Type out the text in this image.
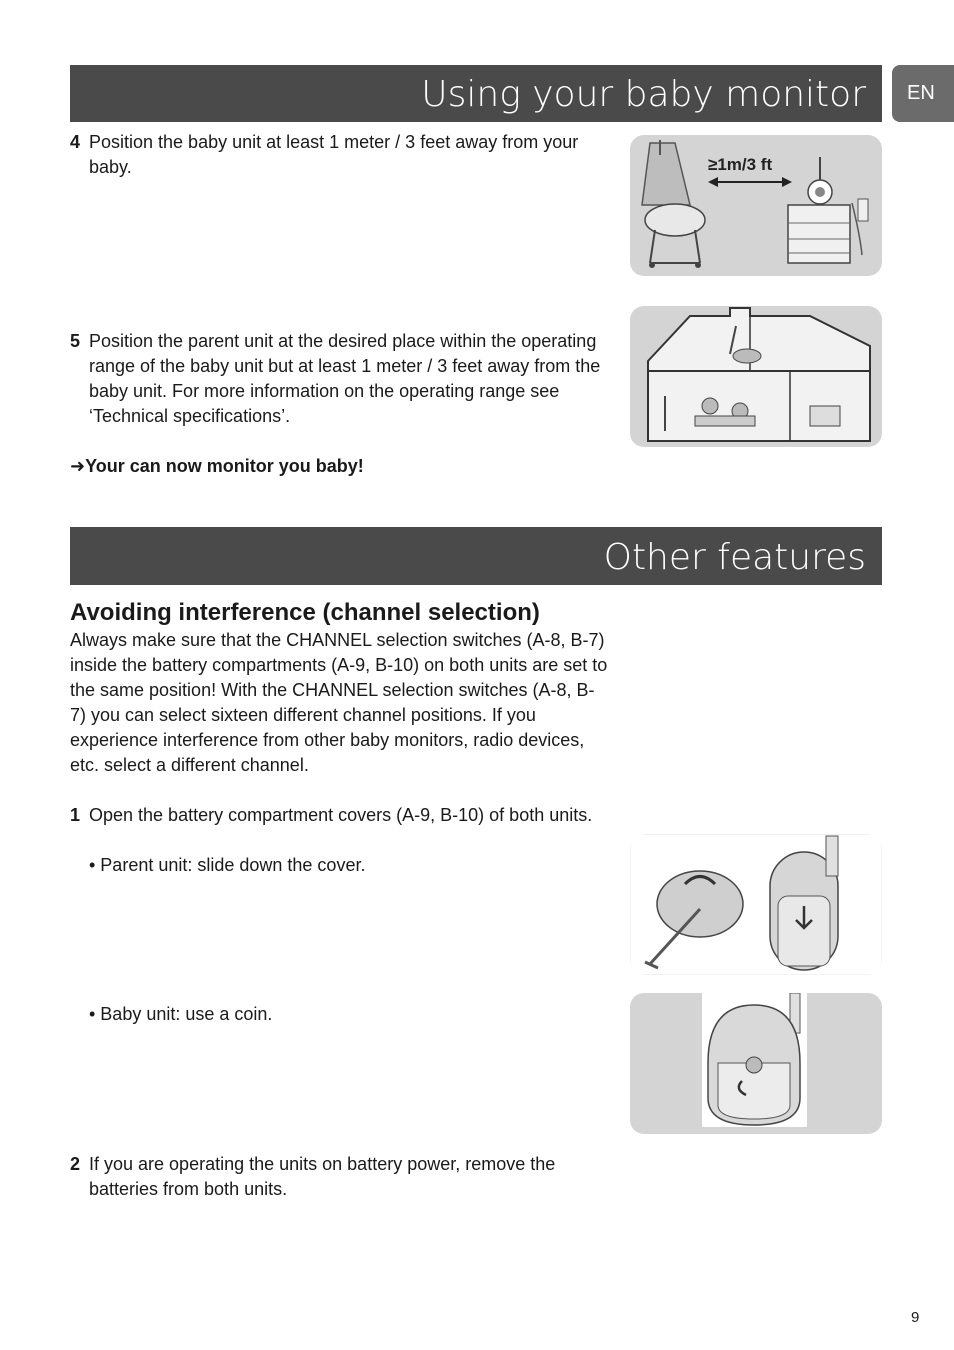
Using your baby monitor	EN
4 Position the baby unit at least 1 meter / 3 feet away from your baby.
5 Position the parent unit at the desired place within the operating range of the baby unit but at least 1 meter / 3 feet away from the baby unit. For more information on the operating range see ‘Technical specifications’.
➜Your can now monitor you baby!
≥1m/3 ft
Other features
Avoiding interference (channel selection)
Always make sure that the CHANNEL selection switches (A-8, B-7) inside the battery compartments (A-9, B-10) on both units are set to the same position! With the CHANNEL selection switches (A-8, B-7) you can select sixteen different channel positions. If you experience interference from other baby monitors, radio devices, etc. select a different channel.
1 Open the battery compartment covers (A-9, B-10) of both units.
• Parent unit: slide down the cover.
• Baby unit: use a coin.
2 If you are operating the units on battery power, remove the batteries from both units.
9
